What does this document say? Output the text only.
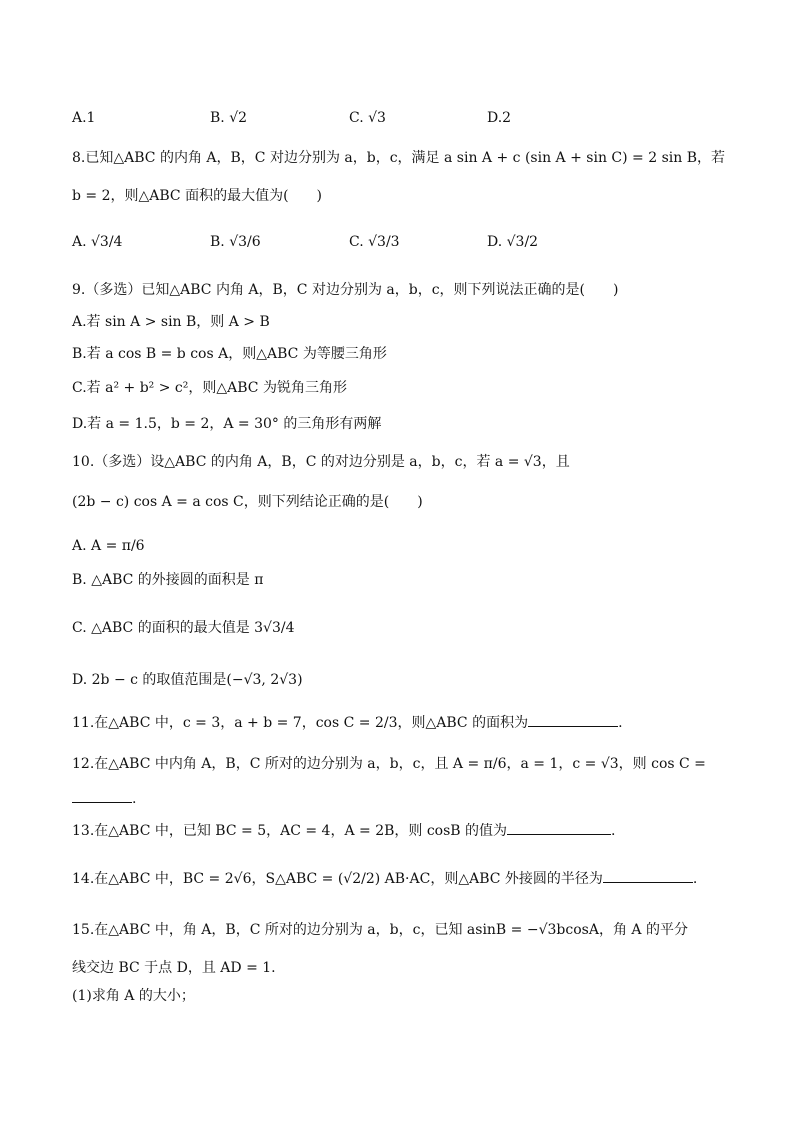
A.1	B. √2	C. √3	D.2
8.已知△ABC 的内角 A，B，C 对边分别为 a，b，c，满足 a sin A + c (sin A + sin C) = 2 sin B，若
b = 2，则△ABC 面积的最大值为(　　)
A. √3/4	B. √3/6	C. √3/3	D. √3/2
9.（多选）已知△ABC 内角 A，B，C 对边分别为 a，b，c，则下列说法正确的是(　　)
A.若 sin A > sin B，则 A > B
B.若 a cos B = b cos A，则△ABC 为等腰三角形
C.若 a² + b² > c²，则△ABC 为锐角三角形
D.若 a = 1.5，b = 2，A = 30° 的三角形有两解
10.（多选）设△ABC 的内角 A，B，C 的对边分别是 a，b，c，若 a = √3，且
(2b − c) cos A = a cos C，则下列结论正确的是(　　)
A. A = π/6
B. △ABC 的外接圆的面积是 π
C. △ABC 的面积的最大值是 3√3/4
D. 2b − c 的取值范围是(−√3, 2√3)
11.在△ABC 中，c = 3，a + b = 7，cos C = 2/3，则△ABC 的面积为	.
12.在△ABC 中内角 A，B，C 所对的边分别为 a，b，c，且 A = π/6，a = 1，c = √3，则 cos C =
.
13.在△ABC 中，已知 BC = 5，AC = 4，A = 2B，则 cosB 的值为	.
14.在△ABC 中，BC = 2√6，S△ABC = (√2/2) AB·AC，则△ABC 外接圆的半径为	.
15.在△ABC 中，角 A，B，C 所对的边分别为 a，b，c，已知 asinB = −√3bcosA，角 A 的平分
线交边 BC 于点 D，且 AD = 1.
(1)求角 A 的大小；
